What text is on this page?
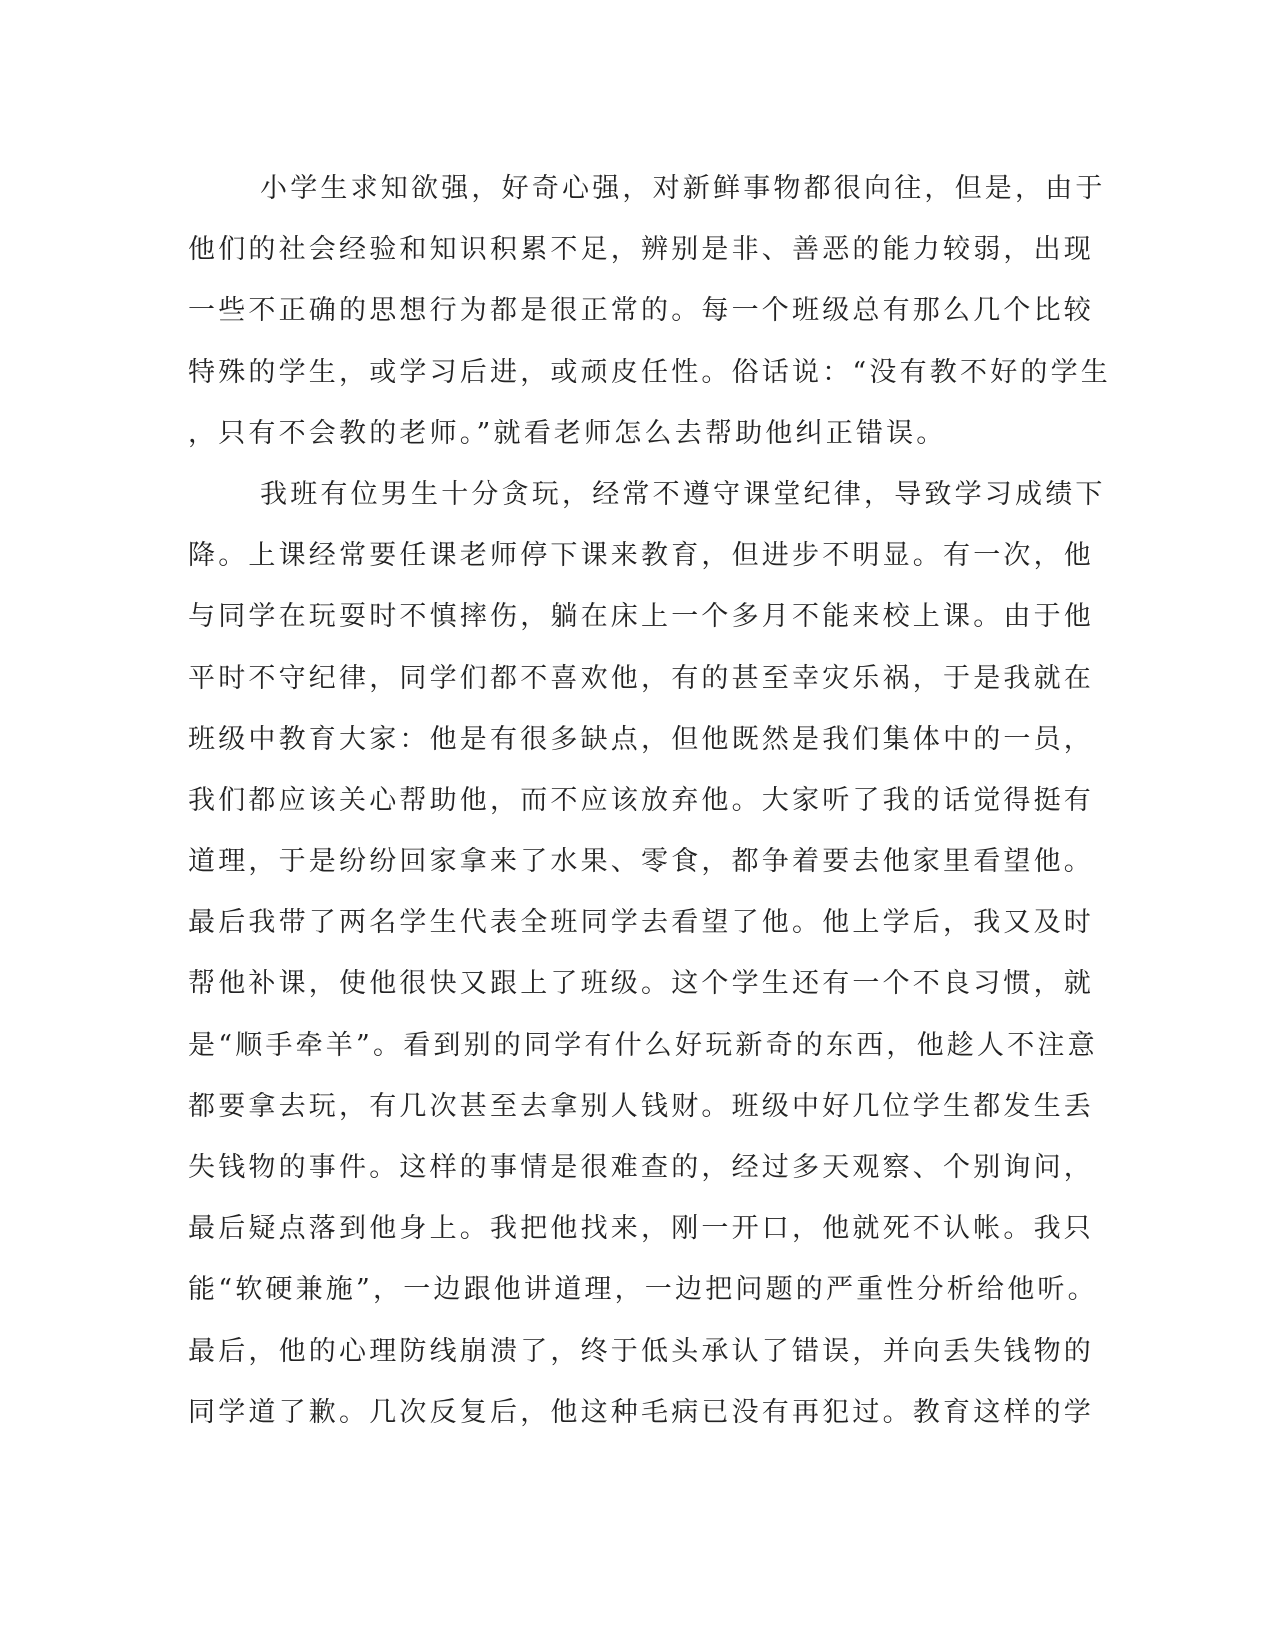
小学生求知欲强，好奇心强，对新鲜事物都很向往，但是，由于
他们的社会经验和知识积累不足，辨别是非、善恶的能力较弱，出现
一些不正确的思想行为都是很正常的。每一个班级总有那么几个比较
特殊的学生，或学习后进，或顽皮任性。俗话说：“没有教不好的学生
，只有不会教的老师。”就看老师怎么去帮助他纠正错误。
我班有位男生十分贪玩，经常不遵守课堂纪律，导致学习成绩下
降。上课经常要任课老师停下课来教育，但进步不明显。有一次，他
与同学在玩耍时不慎摔伤，躺在床上一个多月不能来校上课。由于他
平时不守纪律，同学们都不喜欢他，有的甚至幸灾乐祸，于是我就在
班级中教育大家：他是有很多缺点，但他既然是我们集体中的一员，
我们都应该关心帮助他，而不应该放弃他。大家听了我的话觉得挺有
道理，于是纷纷回家拿来了水果、零食，都争着要去他家里看望他。
最后我带了两名学生代表全班同学去看望了他。他上学后，我又及时
帮他补课，使他很快又跟上了班级。这个学生还有一个不良习惯，就
是“顺手牵羊”。看到别的同学有什么好玩新奇的东西，他趁人不注意
都要拿去玩，有几次甚至去拿别人钱财。班级中好几位学生都发生丢
失钱物的事件。这样的事情是很难查的，经过多天观察、个别询问，
最后疑点落到他身上。我把他找来，刚一开口，他就死不认帐。我只
能“软硬兼施”，一边跟他讲道理，一边把问题的严重性分析给他听。
最后，他的心理防线崩溃了，终于低头承认了错误，并向丢失钱物的
同学道了歉。几次反复后，他这种毛病已没有再犯过。教育这样的学
